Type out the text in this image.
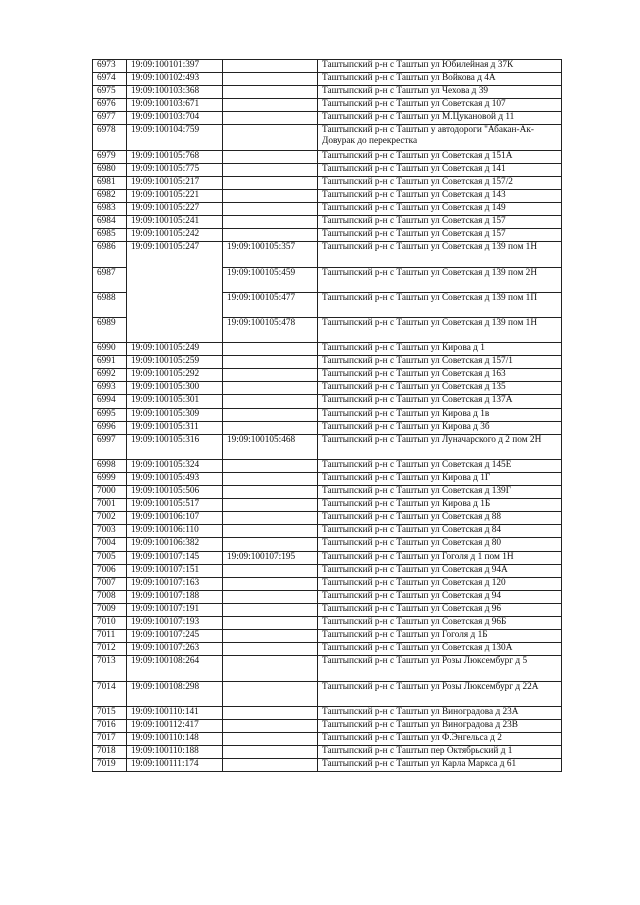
6973	19:09:100101:397		Таштыпский р-н с Таштып ул Юбилейная д 37К
6974	19:09:100102:493		Таштыпский р-н с Таштып ул Войкова д 4А
6975	19:09:100103:368		Таштыпский р-н с Таштып ул Чехова д 39
6976	19:09:100103:671		Таштыпский р-н с Таштып ул Советская д 107
6977	19:09:100103:704		Таштыпский р-н с Таштып ул М.Цукановой д 11
6978	19:09:100104:759		Таштыпский р-н с Таштып у автодороги "Абакан-Ак-Довурак до перекрестка
6979	19:09:100105:768		Таштыпский р-н с Таштып ул Советская д 151А
6980	19:09:100105:775		Таштыпский р-н с Таштып ул Советская д 141
6981	19:09:100105:217		Таштыпский р-н с Таштып ул Советская д 157/2
6982	19:09:100105:221		Таштыпский р-н с Таштып ул Советская д 143
6983	19:09:100105:227		Таштыпский р-н с Таштып ул Советская д 149
6984	19:09:100105:241		Таштыпский р-н с Таштып ул Советская д 157
6985	19:09:100105:242		Таштыпский р-н с Таштып ул Советская д 157
6986	19:09:100105:247	19:09:100105:357	Таштыпский р-н с Таштып ул Советская д 139 пом 1Н
6987		19:09:100105:459	Таштыпский р-н с Таштып ул Советская д 139 пом 2Н
6988		19:09:100105:477	Таштыпский р-н с Таштып ул Советская д 139 пом 1П
6989		19:09:100105:478	Таштыпский р-н с Таштып ул Советская д 139 пом 1Н
6990	19:09:100105:249		Таштыпский р-н с Таштып ул Кирова д 1
6991	19:09:100105:259		Таштыпский р-н с Таштып ул Советская д 157/1
6992	19:09:100105:292		Таштыпский р-н с Таштып ул Советская д 163
6993	19:09:100105:300		Таштыпский р-н с Таштып ул Советская д 135
6994	19:09:100105:301		Таштыпский р-н с Таштып ул Советская д 137А
6995	19:09:100105:309		Таштыпский р-н с Таштып ул Кирова д 1в
6996	19:09:100105:311		Таштыпский р-н с Таштып ул Кирова д 3б
6997	19:09:100105:316	19:09:100105:468	Таштыпский р-н с Таштып ул Луначарского д 2 пом 2Н
6998	19:09:100105:324		Таштыпский р-н с Таштып ул Советская д 145Е
6999	19:09:100105:493		Таштыпский р-н с Таштып ул Кирова д 1Г
7000	19:09:100105:506		Таштыпский р-н с Таштып ул Советская д 139Г
7001	19:09:100105:517		Таштыпский р-н с Таштып ул Кирова д 1Б
7002	19:09:100106:107		Таштыпский р-н с Таштып ул Советская д 88
7003	19:09:100106:110		Таштыпский р-н с Таштып ул Советская д 84
7004	19:09:100106:382		Таштыпский р-н с Таштып ул Советская д 80
7005	19:09:100107:145	19:09:100107:195	Таштыпский р-н с Таштып ул Гоголя д 1 пом 1Н
7006	19:09:100107:151		Таштыпский р-н с Таштып ул Советская д 94А
7007	19:09:100107:163		Таштыпский р-н с Таштып ул Советская д 120
7008	19:09:100107:188		Таштыпский р-н с Таштып ул Советская д 94
7009	19:09:100107:191		Таштыпский р-н с Таштып ул Советская д 96
7010	19:09:100107:193		Таштыпский р-н с Таштып ул Советская д 96Б
7011	19:09:100107:245		Таштыпский р-н с Таштып ул Гоголя д 1Б
7012	19:09:100107:263		Таштыпский р-н с Таштып ул Советская д 130А
7013	19:09:100108:264		Таштыпский р-н с Таштып ул Розы Люксембург д 5
7014	19:09:100108:298		Таштыпский р-н с Таштып ул Розы Люксембург д 22А
7015	19:09:100110:141		Таштыпский р-н с Таштып ул Виноградова д 23А
7016	19:09:100112:417		Таштыпский р-н с Таштып ул Виноградова д 23В
7017	19:09:100110:148		Таштыпский р-н с Таштып ул Ф.Энгельса д 2
7018	19:09:100110:188		Таштыпский р-н с Таштып пер Октябрьский д 1
7019	19:09:100111:174		Таштыпский р-н с Таштып ул Карла Маркса д 61
